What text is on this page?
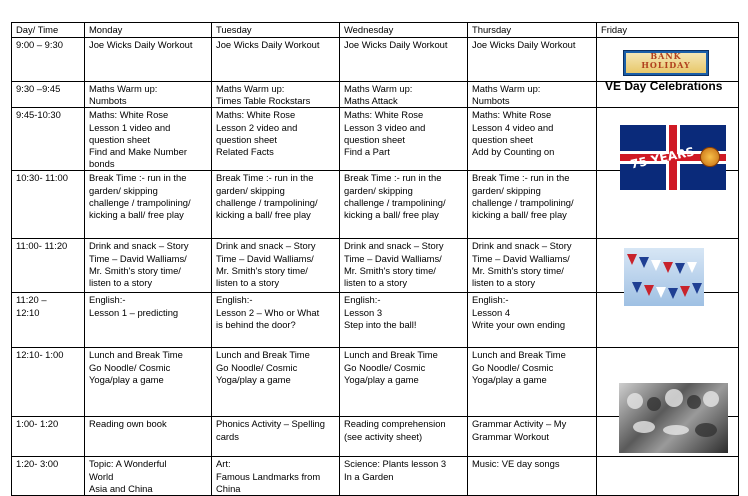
Day/ Time	Monday	Tuesday	Wednesday	Thursday	Friday

9:00 – 9:30	Joe Wicks Daily Workout	Joe Wicks Daily Workout	Joe Wicks Daily Workout	Joe Wicks Daily Workout	

9:30 –9:45	Maths Warm up:
Numbots	Maths Warm up:
Times Table Rockstars	Maths Warm up:
Maths Attack	Maths Warm up:
Numbots	

9:45-10:30	Maths: White Rose
Lesson 1 video and
question sheet
Find and Make Number
bonds	Maths: White Rose
Lesson 2 video and
question sheet
Related Facts	Maths: White Rose
Lesson 3 video and
question sheet
Find a Part	Maths: White Rose
Lesson 4 video and
question sheet
Add by Counting on	

10:30- 11:00	Break Time :- run in the
garden/ skipping
challenge / trampolining/
kicking a ball/ free play	Break Time :- run in the
garden/ skipping
challenge / trampolining/
kicking a ball/ free play	Break Time :- run in the
garden/ skipping
challenge / trampolining/
kicking a ball/ free play	Break Time :- run in the
garden/ skipping
challenge / trampolining/
kicking a ball/ free play	

11:00- 11:20	Drink and snack – Story
Time – David Walliams/
Mr. Smith's story time/
listen to a story	Drink and snack – Story
Time – David Walliams/
Mr. Smith's story time/
listen to a story	Drink and snack – Story
Time – David Walliams/
Mr. Smith's story time/
listen to a story	Drink and snack – Story
Time – David Walliams/
Mr. Smith's story time/
listen to a story	

11:20 –
12:10	English:-
Lesson 1 – predicting	English:-
Lesson 2 – Who or What
is behind the door?	English:-
Lesson 3
Step into the ball!	English:-
Lesson 4
Write your own ending	

12:10- 1:00	Lunch and Break Time
Go Noodle/ Cosmic
Yoga/play a game	Lunch and Break Time
Go Noodle/ Cosmic
Yoga/play a game	Lunch and Break Time
Go Noodle/ Cosmic
Yoga/play a game	Lunch and Break Time
Go Noodle/ Cosmic
Yoga/play a game	

1:00- 1:20	Reading own book	Phonics Activity – Spelling
cards	Reading comprehension
(see activity sheet)	Grammar Activity – My
Grammar Workout	

1:20- 3:00	Topic: A Wonderful
World
Asia and China	Art:
Famous Landmarks from
China	Science: Plants lesson 3
In a Garden	Music: VE day songs	

BANK
HOLIDAY
VE Day Celebrations
75 YEARS
